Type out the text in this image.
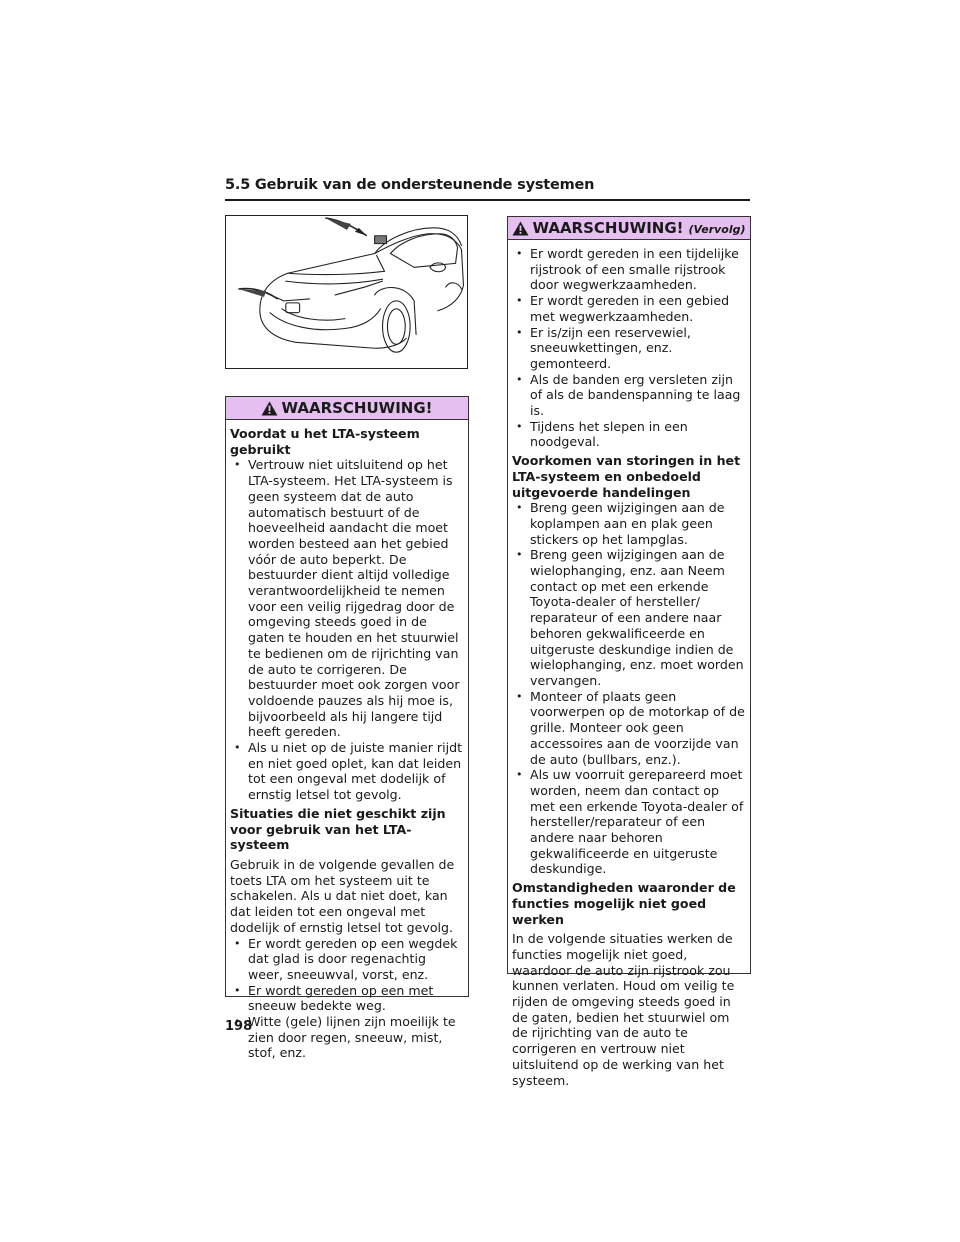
5.5 Gebruik van de ondersteunende systemen
WAARSCHUWING!

Voordat u het LTA-systeem gebruikt

• Vertrouw niet uitsluitend op het LTA-systeem. Het LTA-systeem is geen systeem dat de auto automatisch bestuurt of de hoeveelheid aandacht die moet worden besteed aan het gebied vóór de auto beperkt. De bestuurder dient altijd volledige verantwoordelijkheid te nemen voor een veilig rijgedrag door de omgeving steeds goed in de gaten te houden en het stuurwiel te bedienen om de rijrichting van de auto te corrigeren. De bestuurder moet ook zorgen voor voldoende pauzes als hij moe is, bijvoorbeeld als hij langere tijd heeft gereden.
• Als u niet op de juiste manier rijdt en niet goed oplet, kan dat leiden tot een ongeval met dodelijk of ernstig letsel tot gevolg.

Situaties die niet geschikt zijn voor gebruik van het LTA-systeem

Gebruik in de volgende gevallen de toets LTA om het systeem uit te schakelen. Als u dat niet doet, kan dat leiden tot een ongeval met dodelijk of ernstig letsel tot gevolg.

• Er wordt gereden op een wegdek dat glad is door regenachtig weer, sneeuwval, vorst, enz.
• Er wordt gereden op een met sneeuw bedekte weg.
• Witte (gele) lijnen zijn moeilijk te zien door regen, sneeuw, mist, stof, enz.
WAARSCHUWING! (Vervolg)
• Er wordt gereden in een tijdelijke rijstrook of een smalle rijstrook door wegwerkzaamheden.
• Er wordt gereden in een gebied met wegwerkzaamheden.
• Er is/zijn een reservewiel, sneeuwkettingen, enz. gemonteerd.
• Als de banden erg versleten zijn of als de bandenspanning te laag is.
• Tijdens het slepen in een noodgeval.

Voorkomen van storingen in het LTA-systeem en onbedoeld uitgevoerde handelingen

• Breng geen wijzigingen aan de koplampen aan en plak geen stickers op het lampglas.
• Breng geen wijzigingen aan de wielophanging, enz. aan Neem contact op met een erkende Toyota-dealer of hersteller/ reparateur of een andere naar behoren gekwalificeerde en uitgeruste deskundige indien de wielophanging, enz. moet worden vervangen.
• Monteer of plaats geen voorwerpen op de motorkap of de grille. Monteer ook geen accessoires aan de voorzijde van de auto (bullbars, enz.).
• Als uw voorruit gerepareerd moet worden, neem dan contact op met een erkende Toyota-dealer of hersteller/reparateur of een andere naar behoren gekwalificeerde en uitgeruste deskundige.

Omstandigheden waaronder de functies mogelijk niet goed werken

In de volgende situaties werken de functies mogelijk niet goed, waardoor de auto zijn rijstrook zou kunnen verlaten. Houd om veilig te rijden de omgeving steeds goed in de gaten, bedien het stuurwiel om de rijrichting van de auto te corrigeren en vertrouw niet uitsluitend op de werking van het systeem.

198
